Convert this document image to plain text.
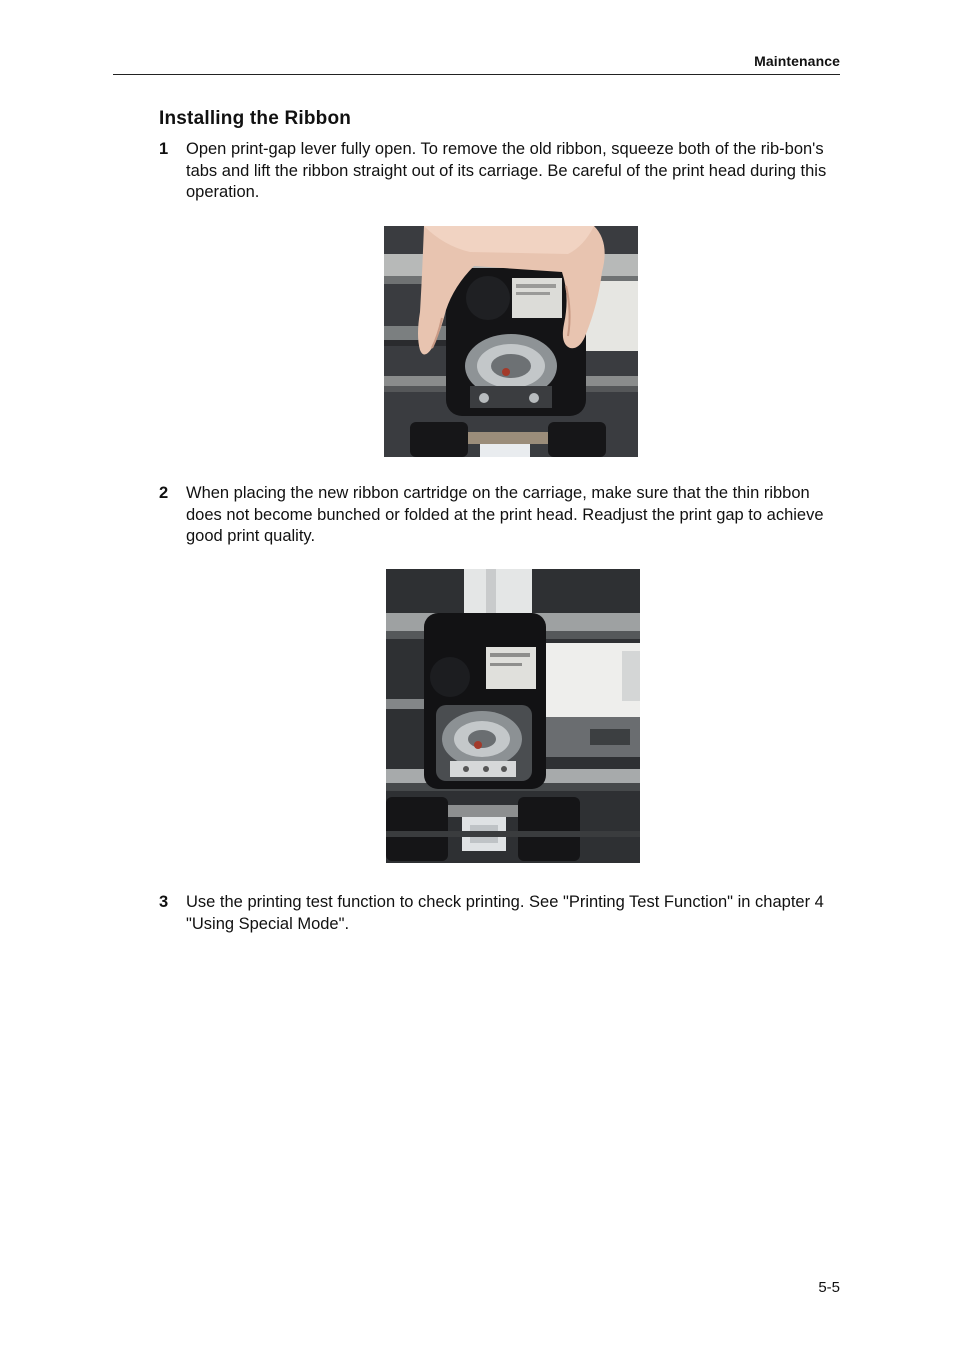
Maintenance
Installing the Ribbon
1 Open print-gap lever fully open. To remove the old ribbon, squeeze both of the rib-bon's tabs and lift the ribbon straight out of its carriage. Be careful of the print head during this operation.
2 When placing the new ribbon cartridge on the carriage, make sure that the thin ribbon does not become bunched or folded at the print head. Readjust the print gap to achieve good print quality.
3 Use the printing test function to check printing. See "Printing Test Function" in chapter 4 "Using Special Mode".
5-5
